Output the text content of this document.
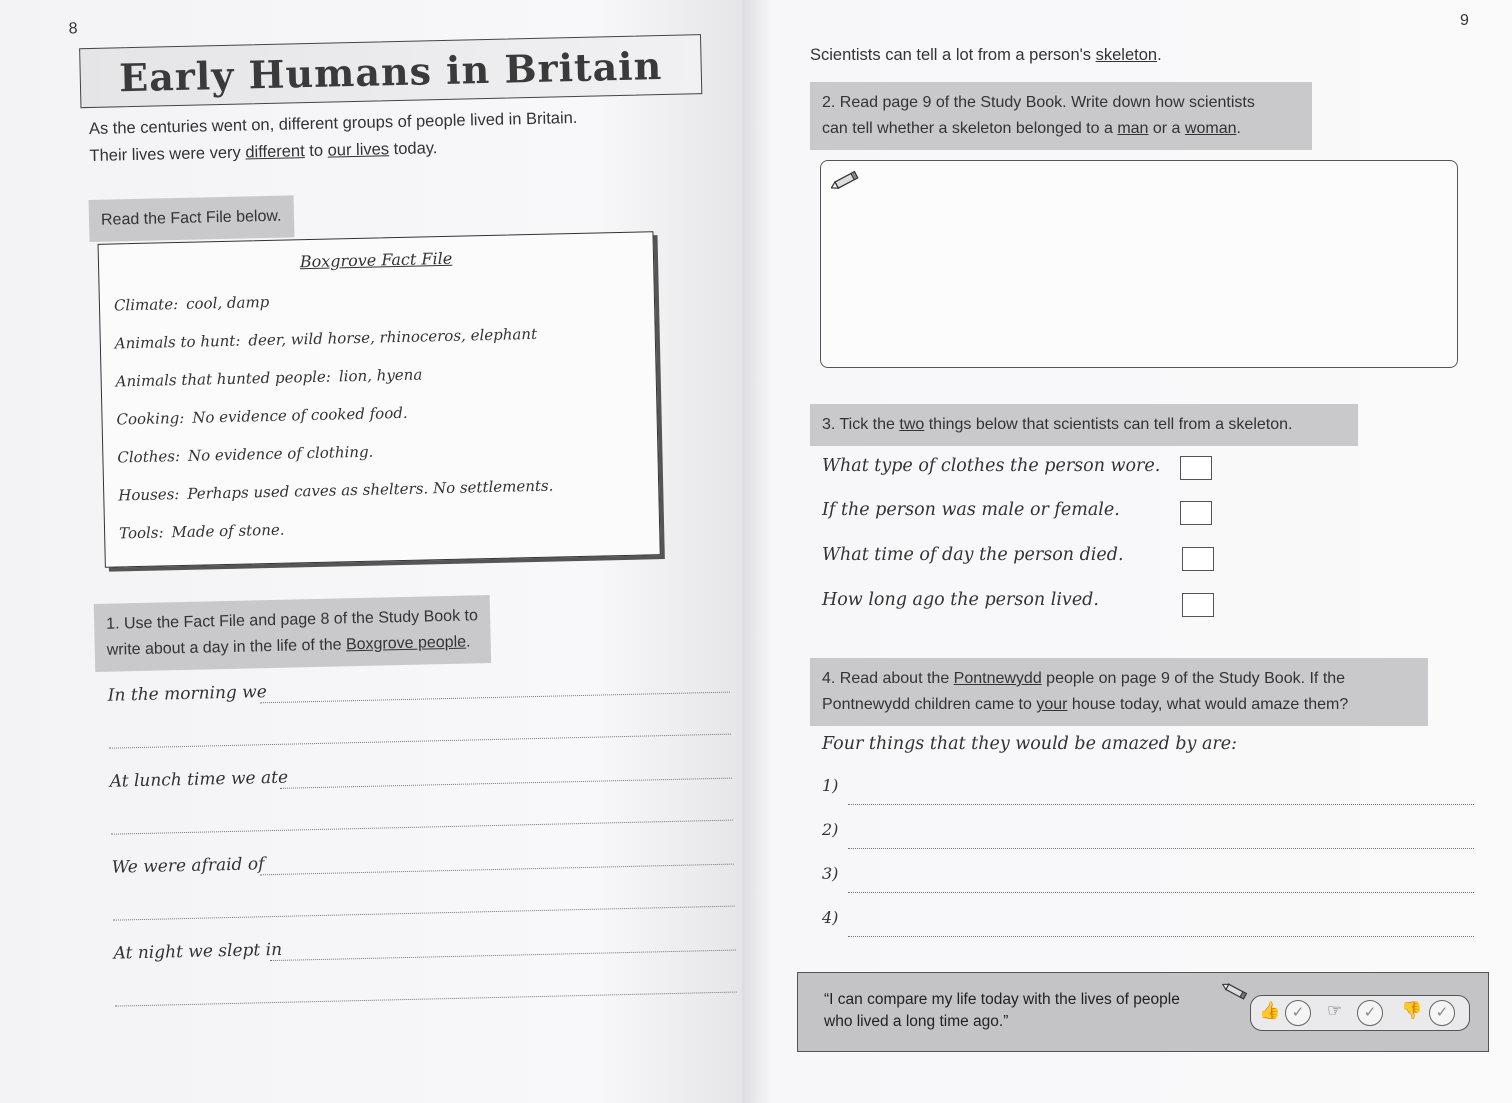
8
Early Humans in Britain
As the centuries went on, different groups of people lived in Britain.
Their lives were very different to our lives today.
Read the Fact File below.
Boxgrove Fact File
Climate: cool, damp
Animals to hunt: deer, wild horse, rhinoceros, elephant
Animals that hunted people: lion, hyena
Cooking: No evidence of cooked food.
Clothes: No evidence of clothing.
Houses: Perhaps used caves as shelters. No settlements.
Tools: Made of stone.
1. Use the Fact File and page 8 of the Study Book to
write about a day in the life of the Boxgrove people.
In the morning we
At lunch time we ate
We were afraid of
At night we slept in
9
Scientists can tell a lot from a person's skeleton.
2. Read page 9 of the Study Book. Write down how scientists
can tell whether a skeleton belonged to a man or a woman.
3. Tick the two things below that scientists can tell from a skeleton.
What type of clothes the person wore.
If the person was male or female.
What time of day the person died.
How long ago the person lived.
4. Read about the Pontnewydd people on page 9 of the Study Book. If the
Pontnewydd children came to your house today, what would amaze them?
Four things that they would be amazed by are:
1)
2)
3)
4)
“I can compare my life today with the lives of people
who lived a long time ago.”
👍 ✓	☞	✓	👎 ✓
